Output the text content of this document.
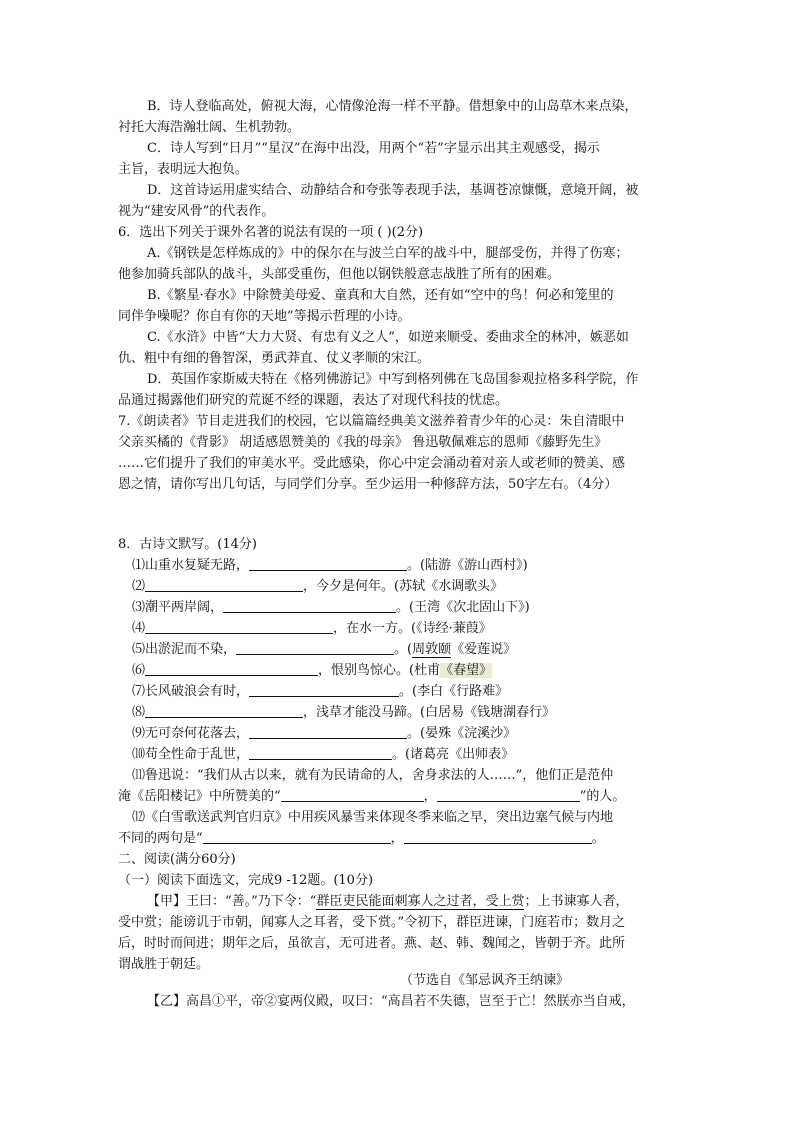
B．诗人登临高处，俯视大海，心情像沧海一样不平静。借想象中的山岛草木来点染，
衬托大海浩瀚壮阔、生机勃勃。
C．诗人写到“日月”“星汉”在海中出没，用两个“若”字显示出其主观感受，揭示
主旨，表明远大抱负。
D．这首诗运用虚实结合、动静结合和夸张等表现手法，基调苍凉慷慨，意境开阔，被
视为“建安风骨”的代表作。
6．选出下列关于课外名著的说法有误的一项 ( )(2分)
A.《钢铁是怎样炼成的》中的保尔在与波兰白军的战斗中，腿部受伤，并得了伤寒；
他参加骑兵部队的战斗，头部受重伤，但他以钢铁般意志战胜了所有的困难。
B.《繁星·春水》中除赞美母爱、童真和大自然，还有如“空中的鸟！何必和笼里的
同伴争噪呢？你自有你的天地”等揭示哲理的小诗。
C.《水浒》中皆“大力大贤、有忠有义之人”，如逆来顺受、委曲求全的林冲，嫉恶如
仇、粗中有细的鲁智深，勇武莽直、仗义孝顺的宋江。
D．英国作家斯威夫特在《格列佛游记》中写到格列佛在飞岛国参观拉格多科学院，作
品通过揭露他们研究的荒诞不经的课题，表达了对现代科技的忧虑。
7.《朗读者》节目走进我们的校园，它以篇篇经典美文滋养着青少年的心灵：朱自清眼中
父亲买橘的《背影》 胡适感恩赞美的《我的母亲》 鲁迅敬佩难忘的恩师《藤野先生》
……它们提升了我们的审美水平。受此感染，你心中定会涌动着对亲人或老师的赞美、感
恩之情，请你写出几句话，与同学们分享。至少运用一种修辞方法，50字左右。（4分）
8．古诗文默写。(14分)
⑴山重水复疑无路，	。(陆游《游山西村》)
⑵	，今夕是何年。(苏轼《水调歌头》
⑶潮平两岸阔，	。(王湾《次北固山下》)
⑷	，在水一方。(《诗经·蒹葭》
⑸出淤泥而不染，	。(周敦颐《爱莲说》
⑹	，恨别鸟惊心。(杜甫《春望》
⑺长风破浪会有时，	。(李白《行路难》
⑻	，浅草才能没马蹄。(白居易《钱塘湖春行》
⑼无可奈何花落去，	。(晏殊《浣溪沙》
⑽苟全性命于乱世，	。(诸葛亮《出师表》
⑾鲁迅说：“我们从古以来，就有为民请命的人，舍身求法的人……”，他们正是范仲
淹《岳阳楼记》中所赞美的“	，	”的人。
⑿《白雪歌送武判官归京》中用疾风暴雪来体现冬季来临之早，突出边塞气候与内地
不同的两句是“	，	。
二、阅读(满分60分)
（一）阅读下面选文，完成9 -12题。(10分)
【甲】王曰：“善。”乃下令：“群臣吏民能面刺寡人之过者，受上赏；上书谏寡人者，
受中赏；能谤讥于市朝，闻寡人之耳者，受下赏。”令初下，群臣进谏，门庭若市；数月之
后，时时而间进；期年之后，虽欲言，无可进者。燕、赵、韩、魏闻之，皆朝于齐。此所
谓战胜于朝廷。
（节选自《邹忌讽齐王纳谏》
【乙】高昌①平，帝②宴两仪殿，叹曰：“高昌若不失德，岂至于亡！然朕亦当自戒，
